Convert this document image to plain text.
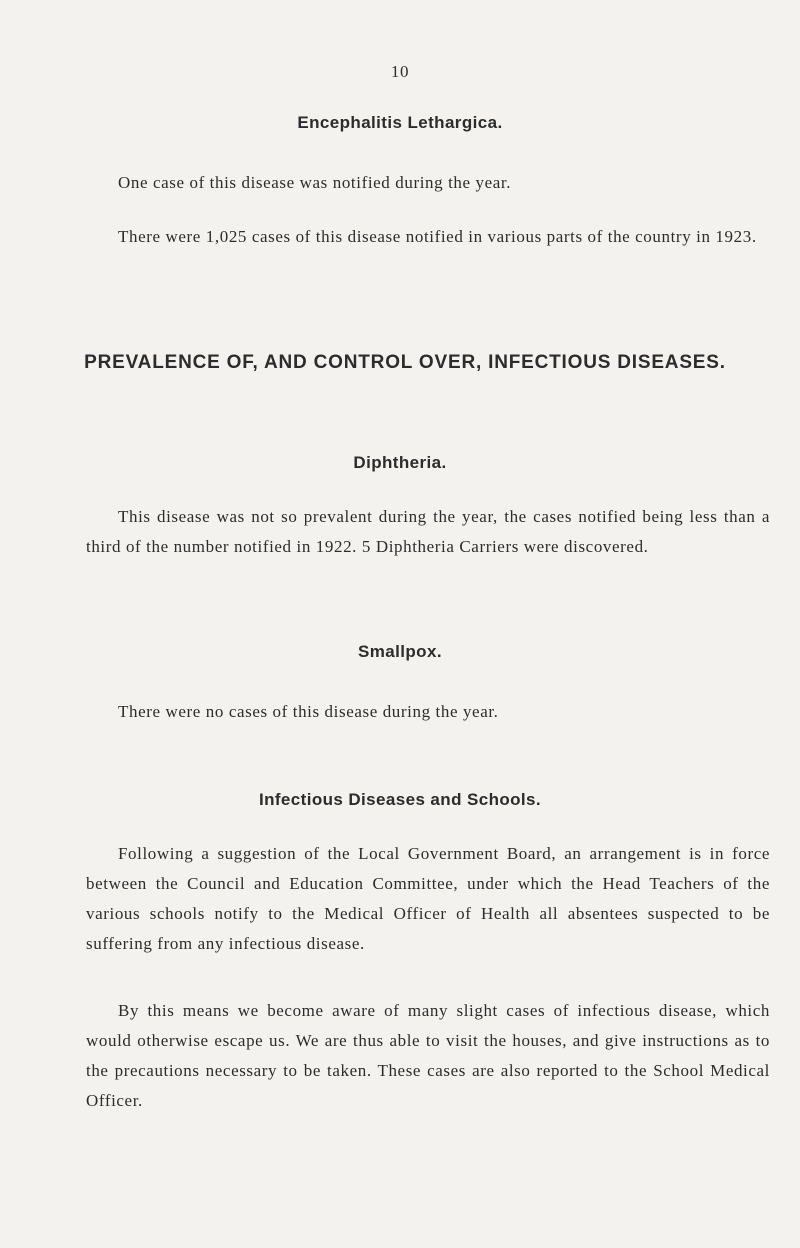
10
Encephalitis Lethargica.
One case of this disease was notified during the year.
There were 1,025 cases of this disease notified in various parts of the country in 1923.
PREVALENCE OF, AND CONTROL OVER, INFECTIOUS DISEASES.
Diphtheria.
This disease was not so prevalent during the year, the cases notified being less than a third of the number notified in 1922. 5 Diphtheria Carriers were discovered.
Smallpox.
There were no cases of this disease during the year.
Infectious Diseases and Schools.
Following a suggestion of the Local Government Board, an arrangement is in force between the Council and Education Committee, under which the Head Teachers of the various schools notify to the Medical Officer of Health all absentees suspected to be suffering from any infectious disease.
By this means we become aware of many slight cases of infectious disease, which would otherwise escape us. We are thus able to visit the houses, and give instructions as to the precautions necessary to be taken. These cases are also reported to the School Medical Officer.
